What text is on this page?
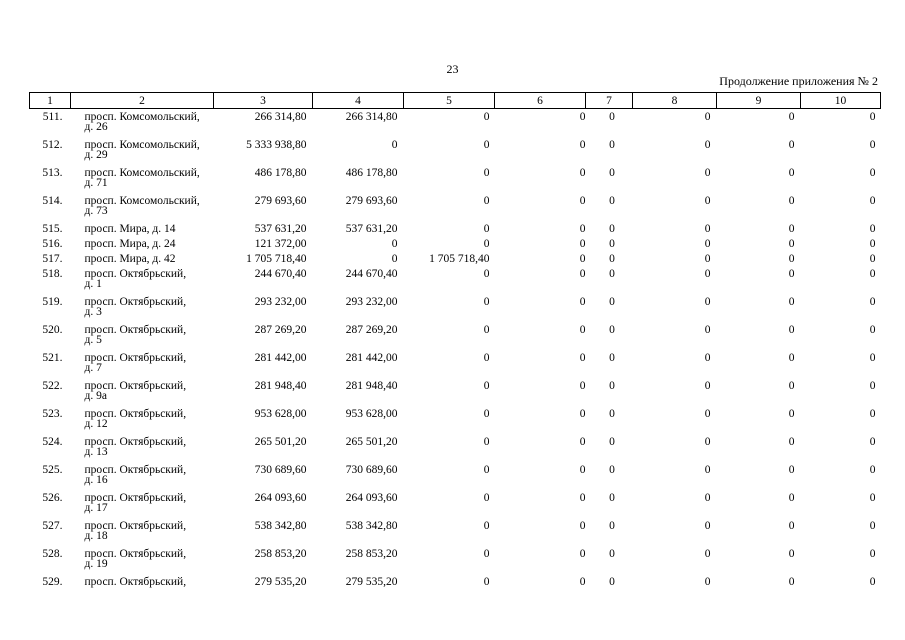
23
Продолжение приложения № 2
1	2	3	4	5	6	7	8	9	10
511.	просп. Комсомольский,
д. 26	266 314,80	266 314,80	0	0	0	0	0	0
512.	просп. Комсомольский,
д. 29	5 333 938,80	0	0	0	0	0	0	0
513.	просп. Комсомольский,
д. 71	486 178,80	486 178,80	0	0	0	0	0	0
514.	просп. Комсомольский,
д. 73	279 693,60	279 693,60	0	0	0	0	0	0
515.	просп. Мира, д. 14	537 631,20	537 631,20	0	0	0	0	0	0
516.	просп. Мира, д. 24	121 372,00	0	0	0	0	0	0	0
517.	просп. Мира, д. 42	1 705 718,40	0	1 705 718,40	0	0	0	0	0
518.	просп. Октябрьский,
д. 1	244 670,40	244 670,40	0	0	0	0	0	0
519.	просп. Октябрьский,
д. 3	293 232,00	293 232,00	0	0	0	0	0	0
520.	просп. Октябрьский,
д. 5	287 269,20	287 269,20	0	0	0	0	0	0
521.	просп. Октябрьский,
д. 7	281 442,00	281 442,00	0	0	0	0	0	0
522.	просп. Октябрьский,
д. 9а	281 948,40	281 948,40	0	0	0	0	0	0
523.	просп. Октябрьский,
д. 12	953 628,00	953 628,00	0	0	0	0	0	0
524.	просп. Октябрьский,
д. 13	265 501,20	265 501,20	0	0	0	0	0	0
525.	просп. Октябрьский,
д. 16	730 689,60	730 689,60	0	0	0	0	0	0
526.	просп. Октябрьский,
д. 17	264 093,60	264 093,60	0	0	0	0	0	0
527.	просп. Октябрьский,
д. 18	538 342,80	538 342,80	0	0	0	0	0	0
528.	просп. Октябрьский,
д. 19	258 853,20	258 853,20	0	0	0	0	0	0
529.	просп. Октябрьский,	279 535,20	279 535,20	0	0	0	0	0	0
